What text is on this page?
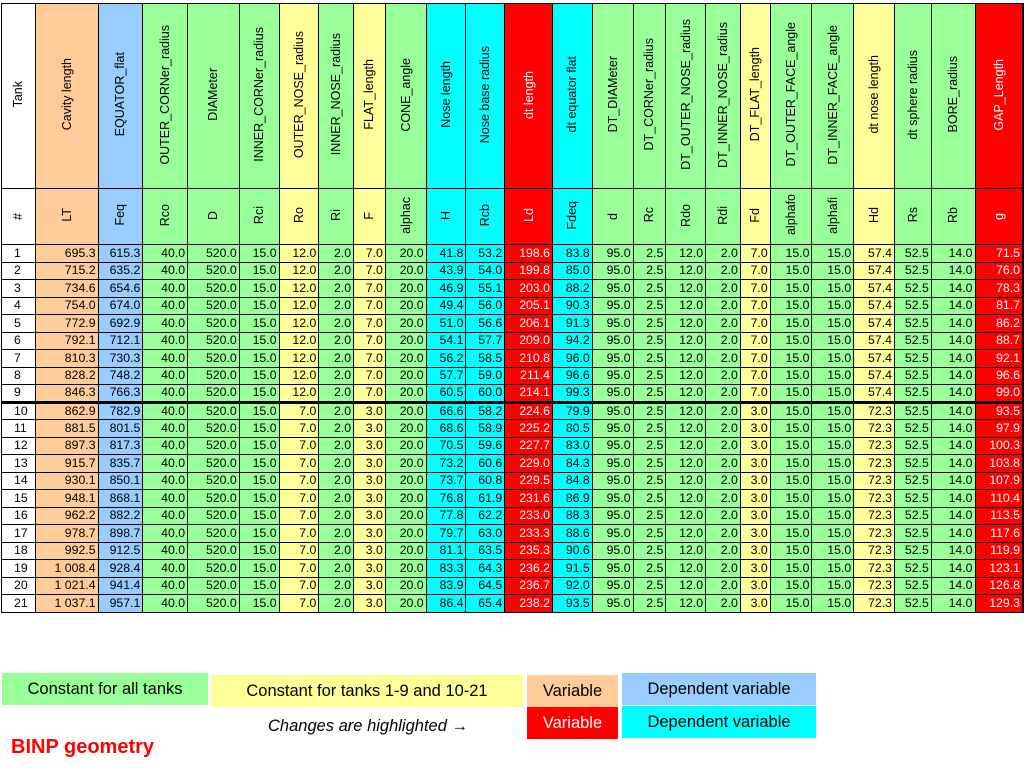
Tank	Cavity length	EQUATOR_flat	OUTER_CORNer_radius	DIAMeter	INNER_CORNer_radius	OUTER_NOSE_radius	INNER_NOSE_radius	FLAT_length	CONE_angle	Nose length	Nose base radius	dt length	dt equator flat	DT_DIAMeter	DT_CORNer_radius	DT_OUTER_NOSE_radius	DT_INNER_NOSE_radius	DT_FLAT_length	DT_OUTER_FACE_angle	DT_INNER_FACE_angle	dt nose length	dt sphere radius	BORE_radius	GAP_Length
#	LT	Feq	Rco	D	Rci	Ro	Ri	F	alphac	H	Rcb	Ld	Fdeq	d	Rc	Rdo	Rdi	Fd	alphafo	alphafi	Hd	Rs	Rb	g
1	695.3	615.3	40.0	520.0	15.0	12.0	2.0	7.0	20.0	41.8	53.2	198.6	83.8	95.0	2.5	12.0	2.0	7.0	15.0	15.0	57.4	52.5	14.0	71.5
2	715.2	635.2	40.0	520.0	15.0	12.0	2.0	7.0	20.0	43.9	54.0	199.8	85.0	95.0	2.5	12.0	2.0	7.0	15.0	15.0	57.4	52.5	14.0	76.0
3	734.6	654.6	40.0	520.0	15.0	12.0	2.0	7.0	20.0	46.9	55.1	203.0	88.2	95.0	2.5	12.0	2.0	7.0	15.0	15.0	57.4	52.5	14.0	78.3
4	754.0	674.0	40.0	520.0	15.0	12.0	2.0	7.0	20.0	49.4	56.0	205.1	90.3	95.0	2.5	12.0	2.0	7.0	15.0	15.0	57.4	52.5	14.0	81.7
5	772.9	692.9	40.0	520.0	15.0	12.0	2.0	7.0	20.0	51.0	56.6	206.1	91.3	95.0	2.5	12.0	2.0	7.0	15.0	15.0	57.4	52.5	14.0	86.2
6	792.1	712.1	40.0	520.0	15.0	12.0	2.0	7.0	20.0	54.1	57.7	209.0	94.2	95.0	2.5	12.0	2.0	7.0	15.0	15.0	57.4	52.5	14.0	88.7
7	810.3	730.3	40.0	520.0	15.0	12.0	2.0	7.0	20.0	56.2	58.5	210.8	96.0	95.0	2.5	12.0	2.0	7.0	15.0	15.0	57.4	52.5	14.0	92.1
8	828.2	748.2	40.0	520.0	15.0	12.0	2.0	7.0	20.0	57.7	59.0	211.4	96.6	95.0	2.5	12.0	2.0	7.0	15.0	15.0	57.4	52.5	14.0	96.6
9	846.3	766.3	40.0	520.0	15.0	12.0	2.0	7.0	20.0	60.5	60.0	214.1	99.3	95.0	2.5	12.0	2.0	7.0	15.0	15.0	57.4	52.5	14.0	99.0
10	862.9	782.9	40.0	520.0	15.0	7.0	2.0	3.0	20.0	66.6	58.2	224.6	79.9	95.0	2.5	12.0	2.0	3.0	15.0	15.0	72.3	52.5	14.0	93.5
11	881.5	801.5	40.0	520.0	15.0	7.0	2.0	3.0	20.0	68.6	58.9	225.2	80.5	95.0	2.5	12.0	2.0	3.0	15.0	15.0	72.3	52.5	14.0	97.9
12	897.3	817.3	40.0	520.0	15.0	7.0	2.0	3.0	20.0	70.5	59.6	227.7	83.0	95.0	2.5	12.0	2.0	3.0	15.0	15.0	72.3	52.5	14.0	100.3
13	915.7	835.7	40.0	520.0	15.0	7.0	2.0	3.0	20.0	73.2	60.6	229.0	84.3	95.0	2.5	12.0	2.0	3.0	15.0	15.0	72.3	52.5	14.0	103.8
14	930.1	850.1	40.0	520.0	15.0	7.0	2.0	3.0	20.0	73.7	60.8	229.5	84.8	95.0	2.5	12.0	2.0	3.0	15.0	15.0	72.3	52.5	14.0	107.9
15	948.1	868.1	40.0	520.0	15.0	7.0	2.0	3.0	20.0	76.8	61.9	231.6	86.9	95.0	2.5	12.0	2.0	3.0	15.0	15.0	72.3	52.5	14.0	110.4
16	962.2	882.2	40.0	520.0	15.0	7.0	2.0	3.0	20.0	77.8	62.2	233.0	88.3	95.0	2.5	12.0	2.0	3.0	15.0	15.0	72.3	52.5	14.0	113.5
17	978.7	898.7	40.0	520.0	15.0	7.0	2.0	3.0	20.0	79.7	63.0	233.3	88.6	95.0	2.5	12.0	2.0	3.0	15.0	15.0	72.3	52.5	14.0	117.6
18	992.5	912.5	40.0	520.0	15.0	7.0	2.0	3.0	20.0	81.1	63.5	235.3	90.6	95.0	2.5	12.0	2.0	3.0	15.0	15.0	72.3	52.5	14.0	119.9
19	1 008.4	928.4	40.0	520.0	15.0	7.0	2.0	3.0	20.0	83.3	64.3	236.2	91.5	95.0	2.5	12.0	2.0	3.0	15.0	15.0	72.3	52.5	14.0	123.1
20	1 021.4	941.4	40.0	520.0	15.0	7.0	2.0	3.0	20.0	83.9	64.5	236.7	92.0	95.0	2.5	12.0	2.0	3.0	15.0	15.0	72.3	52.5	14.0	126.8
21	1 037.1	957.1	40.0	520.0	15.0	7.0	2.0	3.0	20.0	86.4	65.4	238.2	93.5	95.0	2.5	12.0	2.0	3.0	15.0	15.0	72.3	52.5	14.0	129.3
Constant for all tanks	Constant for tanks 1-9 and 10-21	Variable	Dependent variable
Variable	Dependent variable
Changes are highlighted →
BINP geometry
